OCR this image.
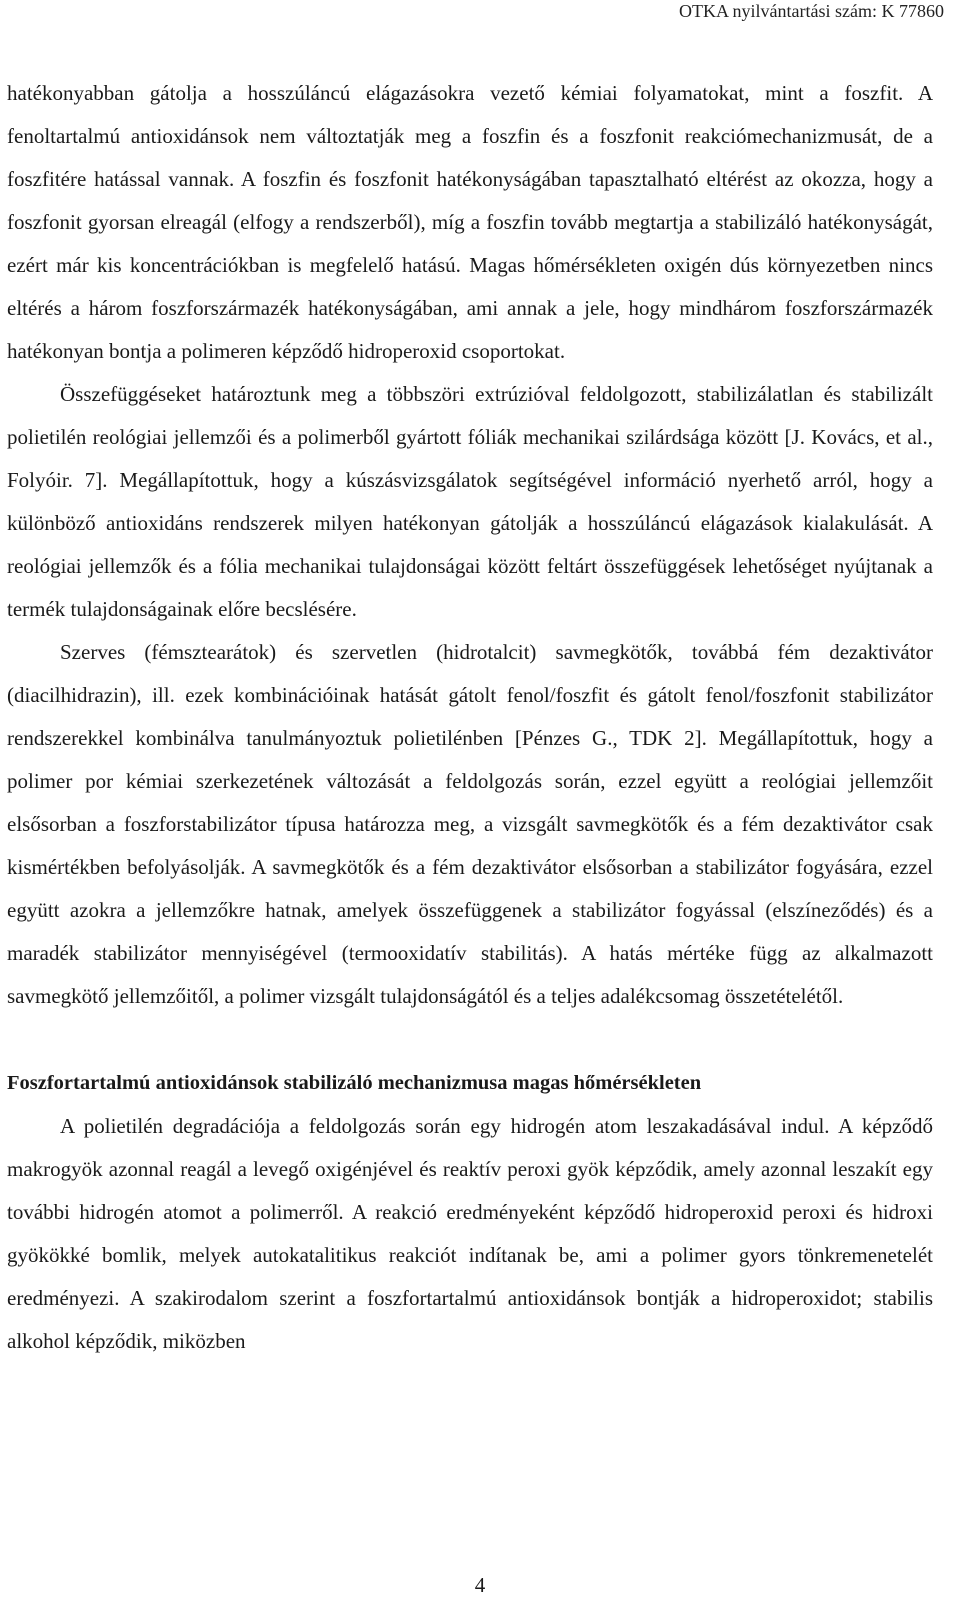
OTKA nyilvántartási szám: K 77860

hatékonyabban gátolja a hosszúláncú elágazásokra vezető kémiai folyamatokat, mint a foszfit. A fenoltartalmú antioxidánsok nem változtatják meg a foszfin és a foszfonit reakciómechanizmusát, de a foszfitére hatással vannak. A foszfin és foszfonit hatékonyságában tapasztalható eltérést az okozza, hogy a foszfonit gyorsan elreagál (elfogy a rendszerből), míg a foszfin tovább megtartja a stabilizáló hatékonyságát, ezért már kis koncentrációkban is megfelelő hatású. Magas hőmérsékleten oxigén dús környezetben nincs eltérés a három foszforszármazék hatékonyságában, ami annak a jele, hogy mindhárom foszforszármazék hatékonyan bontja a polimeren képződő hidroperoxid csoportokat.

Összefüggéseket határoztunk meg a többszöri extrúzióval feldolgozott, stabilizálatlan és stabilizált polietilén reológiai jellemzői és a polimerből gyártott fóliák mechanikai szilárdsága között [J. Kovács, et al., Folyóir. 7]. Megállapítottuk, hogy a kúszásvizsgálatok segítségével információ nyerhető arról, hogy a különböző antioxidáns rendszerek milyen hatékonyan gátolják a hosszúláncú elágazások kialakulását. A reológiai jellemzők és a fólia mechanikai tulajdonságai között feltárt összefüggések lehetőséget nyújtanak a termék tulajdonságainak előre becslésére.

Szerves (fémsztearátok) és szervetlen (hidrotalcit) savmegkötők, továbbá fém dezaktivátor (diacilhidrazin), ill. ezek kombinációinak hatását gátolt fenol/foszfit és gátolt fenol/foszfonit stabilizátor rendszerekkel kombinálva tanulmányoztuk polietilénben [Pénzes G., TDK 2]. Megállapítottuk, hogy a polimer por kémiai szerkezetének változását a feldolgozás során, ezzel együtt a reológiai jellemzőit elsősorban a foszforstabilizátor típusa határozza meg, a vizsgált savmegkötők és a fém dezaktivátor csak kismértékben befolyásolják. A savmegkötők és a fém dezaktivátor elsősorban a stabilizátor fogyására, ezzel együtt azokra a jellemzőkre hatnak, amelyek összefüggenek a stabilizátor fogyással (elszíneződés) és a maradék stabilizátor mennyiségével (termooxidatív stabilitás). A hatás mértéke függ az alkalmazott savmegkötő jellemzőitől, a polimer vizsgált tulajdonságától és a teljes adalékcsomag összetételétől.

Foszfortartalmú antioxidánsok stabilizáló mechanizmusa magas hőmérsékleten

A polietilén degradációja a feldolgozás során egy hidrogén atom leszakadásával indul. A képződő makrogyök azonnal reagál a levegő oxigénjével és reaktív peroxi gyök képződik, amely azonnal leszakít egy további hidrogén atomot a polimerről. A reakció eredményeként képződő hidroperoxid peroxi és hidroxi gyökökké bomlik, melyek autokatalitikus reakciót indítanak be, ami a polimer gyors tönkremenetelét eredményezi. A szakirodalom szerint a foszfortartalmú antioxidánsok bontják a hidroperoxidot; stabilis alkohol képződik, miközben

4
